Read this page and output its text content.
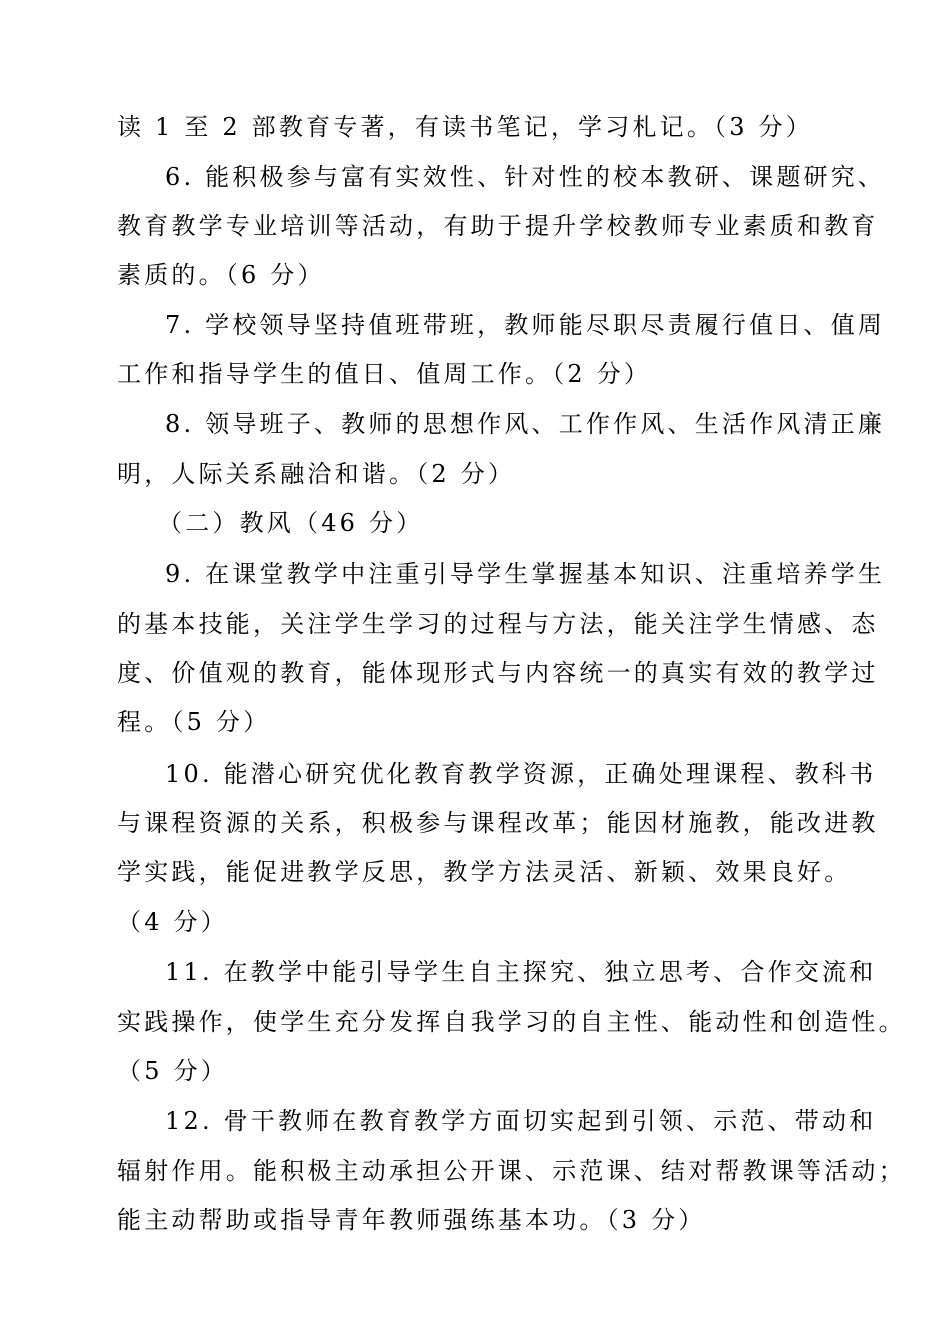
读 1 至 2 部教育专著，有读书笔记，学习札记。（3 分）
6. 能积极参与富有实效性、针对性的校本教研、课题研究、
教育教学专业培训等活动，有助于提升学校教师专业素质和教育
素质的。（6 分）
7. 学校领导坚持值班带班，教师能尽职尽责履行值日、值周
工作和指导学生的值日、值周工作。（2 分）
8. 领导班子、教师的思想作风、工作作风、生活作风清正廉
明，人际关系融洽和谐。（2 分）
（二）教风（46 分）
9. 在课堂教学中注重引导学生掌握基本知识、注重培养学生
的基本技能，关注学生学习的过程与方法，能关注学生情感、态
度、价值观的教育，能体现形式与内容统一的真实有效的教学过
程。（5 分）
10. 能潜心研究优化教育教学资源，正确处理课程、教科书
与课程资源的关系，积极参与课程改革；能因材施教，能改进教
学实践，能促进教学反思，教学方法灵活、新颖、效果良好。
（4 分）
11. 在教学中能引导学生自主探究、独立思考、合作交流和
实践操作，使学生充分发挥自我学习的自主性、能动性和创造性。
（5 分）
12. 骨干教师在教育教学方面切实起到引领、示范、带动和
辐射作用。能积极主动承担公开课、示范课、结对帮教课等活动；
能主动帮助或指导青年教师强练基本功。（3 分）
